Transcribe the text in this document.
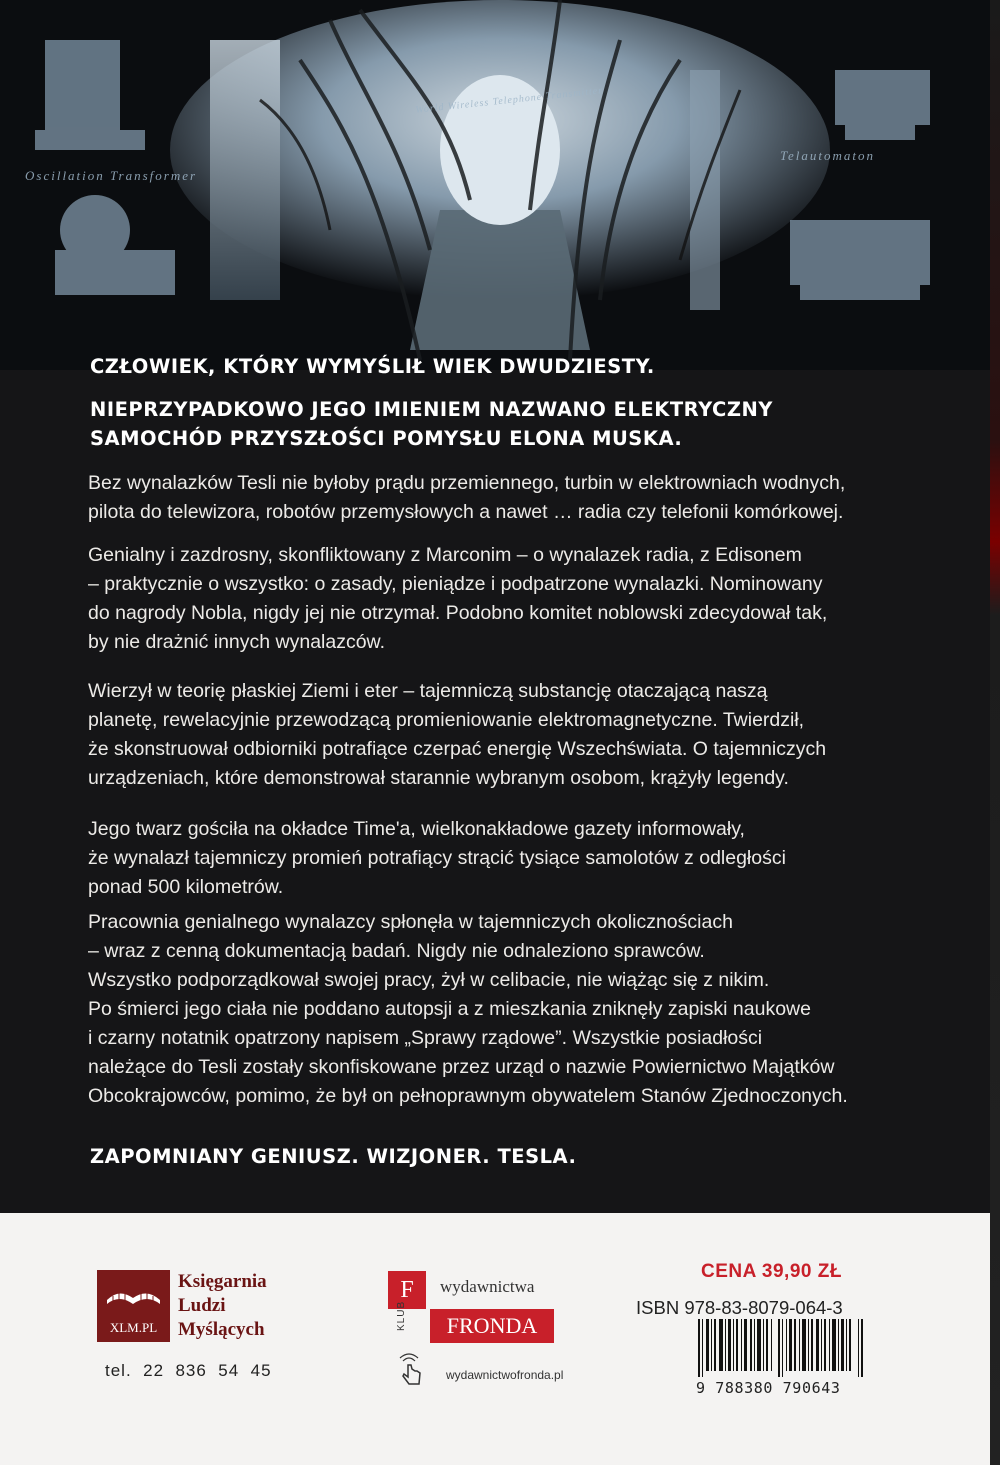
Oscillation Transformer
Telautomaton
World Wireless Telephone Transmitter
CZŁOWIEK, KTÓRY WYMYŚLIŁ WIEK DWUDZIESTY.
NIEPRZYPADKOWO JEGO IMIENIEM NAZWANO ELEKTRYCZNY
SAMOCHÓD PRZYSZŁOŚCI POMYSŁU ELONA MUSKA.
Bez wynalazków Tesli nie byłoby prądu przemiennego, turbin w elektrowniach wodnych,
pilota do telewizora, robotów przemysłowych a nawet … radia czy telefonii komórkowej.
Genialny i zazdrosny, skonfliktowany z Marconim – o wynalazek radia, z Edisonem
– praktycznie o wszystko: o zasady, pieniądze i podpatrzone wynalazki. Nominowany
do nagrody Nobla, nigdy jej nie otrzymał. Podobno komitet noblowski zdecydował tak,
by nie drażnić innych wynalazców.
Wierzył w teorię płaskiej Ziemi i eter – tajemniczą substancję otaczającą naszą
planetę, rewelacyjnie przewodzącą promieniowanie elektromagnetyczne. Twierdził,
że skonstruował odbiorniki potrafiące czerpać energię Wszechświata. O tajemniczych
urządzeniach, które demonstrował starannie wybranym osobom, krążyły legendy.
Jego twarz gościła na okładce Time'a, wielkonakładowe gazety informowały,
że wynalazł tajemniczy promień potrafiący strącić tysiące samolotów z odległości
ponad 500 kilometrów.
Pracownia genialnego wynalazcy spłonęła w tajemniczych okolicznościach
– wraz z cenną dokumentacją badań. Nigdy nie odnaleziono sprawców.
Wszystko podporządkował swojej pracy, żył w celibacie, nie wiążąc się z nikim.
Po śmierci jego ciała nie poddano autopsji a z mieszkania zniknęły zapiski naukowe
i czarny notatnik opatrzony napisem „Sprawy rządowe”. Wszystkie posiadłości
należące do Tesli zostały skonfiskowane przez urząd o nazwie Powiernictwo Majątków
Obcokrajowców, pomimo, że był on pełnoprawnym obywatelem Stanów Zjednoczonych.
ZAPOMNIANY GENIUSZ. WIZJONER. TESLA.
XLM.PL
Księgarnia
Ludzi
Myślących
tel.  22  836  54  45
F
KLUB
wydawnictwa
FRONDA
wydawnictwofronda.pl
CENA 39,90 ZŁ
ISBN 978-83-8079-064-3
9 788380 790643
